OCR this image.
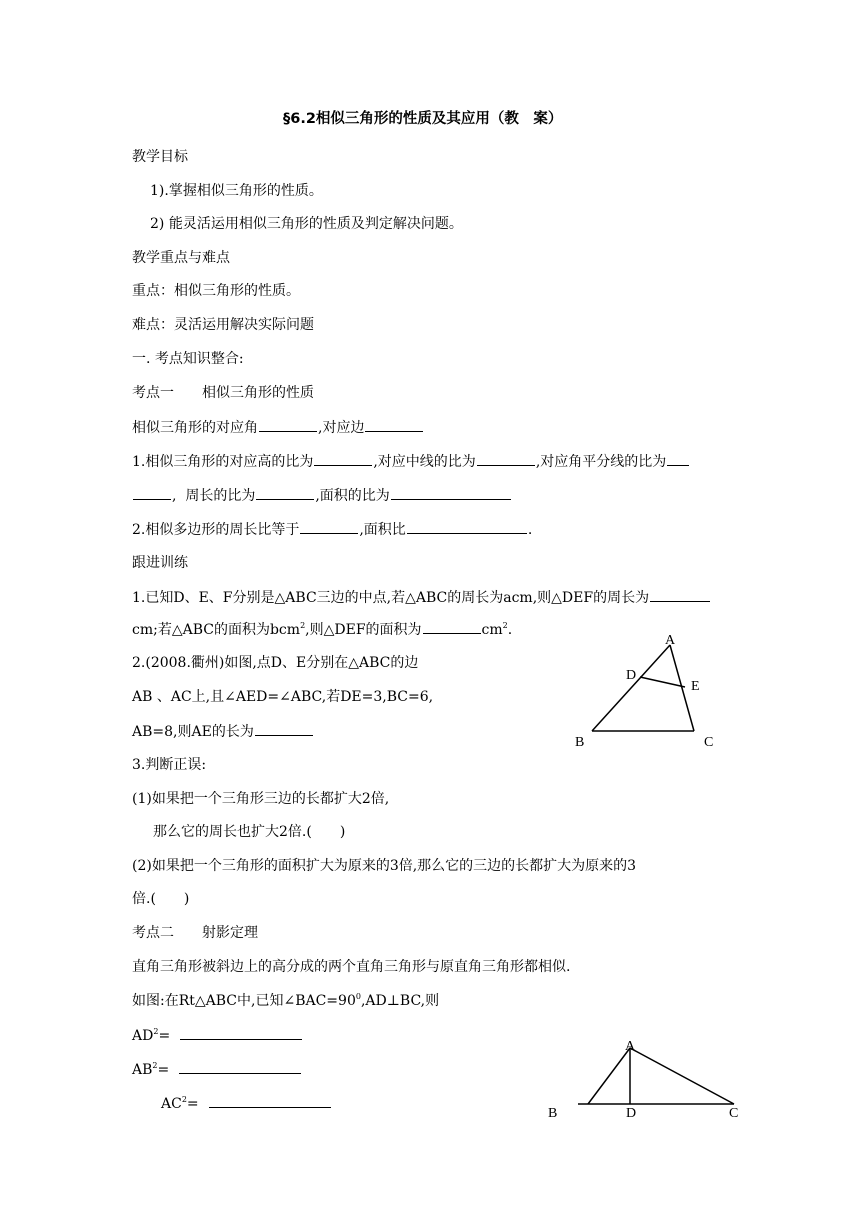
§6.2相似三角形的性质及其应用（教　案）
教学目标
1).掌握相似三角形的性质。
2) 能灵活运用相似三角形的性质及判定解决问题。
教学重点与难点
重点：相似三角形的性质。
难点：灵活运用解决实际问题
一. 考点知识整合:
考点一　　相似三角形的性质
相似三角形的对应角	,对应边
1.相似三角形的对应高的比为	,对应中线的比为	,对应角平分线的比为
,  周长的比为	,面积的比为
2.相似多边形的周长比等于	,面积比	.
跟进训练
1.已知D、E、F分别是△ABC三边的中点,若△ABC的周长为acm,则△DEF的周长为
cm;若△ABC的面积为bcm$^2$,则△DEF的面积为	$cm^2$.
2.(2008.衢州)如图,点D、E分别在△ABC的边
AB 、AC上,且∠AED=∠ABC,若DE=3,BC=6,
AB=8,则AE的长为
A
D
E
B	C
3.判断正误:
(1)如果把一个三角形三边的长都扩大2倍,
那么它的周长也扩大2倍.(　　)
(2)如果把一个三角形的面积扩大为原来的3倍,那么它的三边的长都扩大为原来的3
倍.(　　)
考点二　　射影定理
直角三角形被斜边上的高分成的两个直角三角形与原直角三角形都相似.
如图:在Rt△ABC中,已知$\angle BAC=90^0,AD\perp BC$,则
$AD^2=$
$AB^2=$
$AC^2=$
A
B	D	C
